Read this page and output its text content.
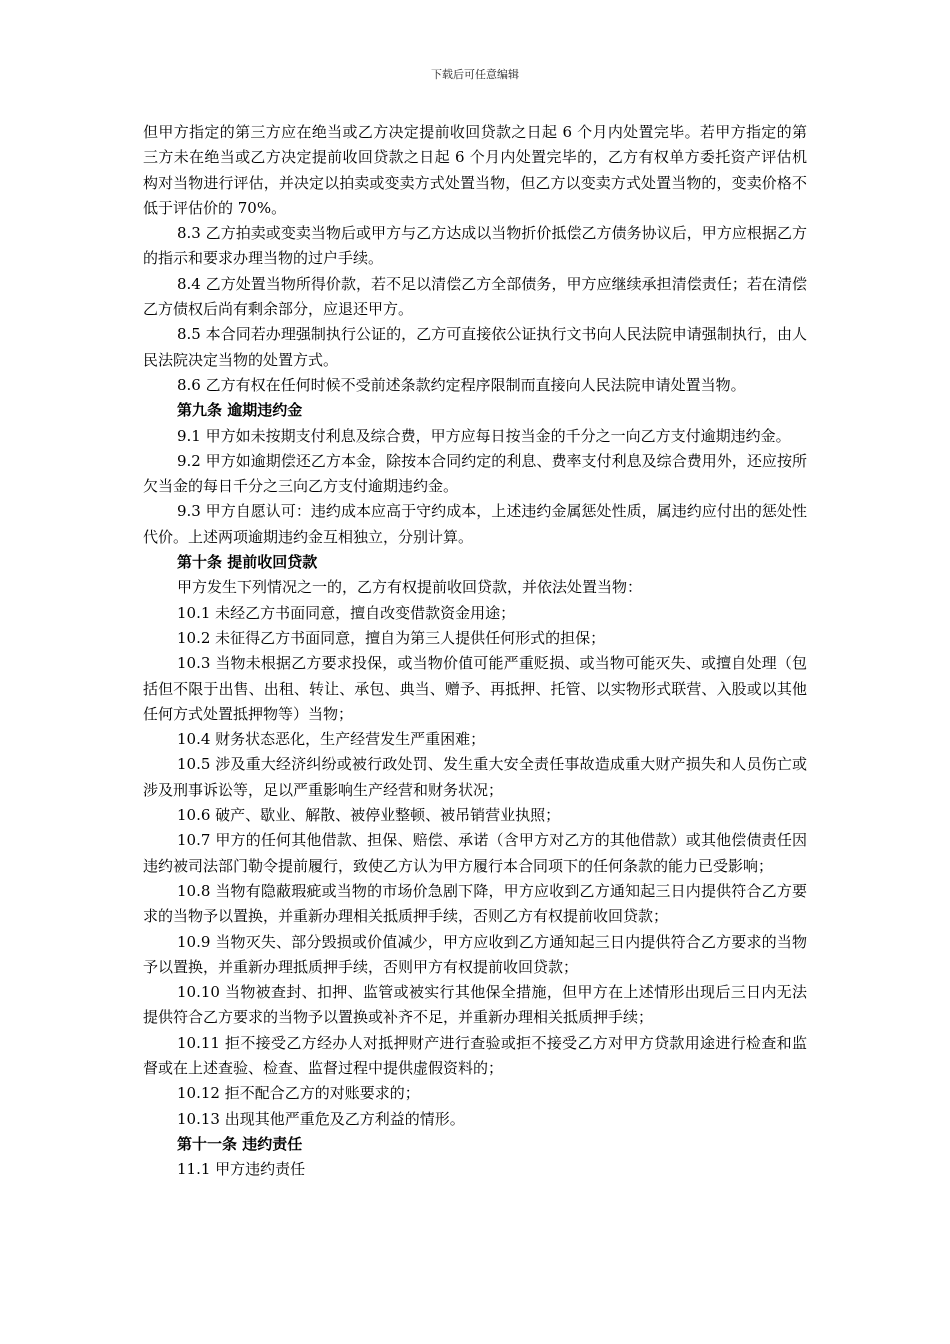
下载后可任意编辑

但甲方指定的第三方应在绝当或乙方决定提前收回贷款之日起 6 个月内处置完毕。若甲方指定的第三方未在绝当或乙方决定提前收回贷款之日起 6 个月内处置完毕的，乙方有权单方委托资产评估机构对当物进行评估，并决定以拍卖或变卖方式处置当物，但乙方以变卖方式处置当物的，变卖价格不低于评估价的 70%。

8.3 乙方拍卖或变卖当物后或甲方与乙方达成以当物折价抵偿乙方债务协议后，甲方应根据乙方的指示和要求办理当物的过户手续。

8.4 乙方处置当物所得价款，若不足以清偿乙方全部债务，甲方应继续承担清偿责任；若在清偿乙方债权后尚有剩余部分，应退还甲方。

8.5 本合同若办理强制执行公证的，乙方可直接依公证执行文书向人民法院申请强制执行，由人民法院决定当物的处置方式。

8.6 乙方有权在任何时候不受前述条款约定程序限制而直接向人民法院申请处置当物。

第九条 逾期违约金

9.1 甲方如未按期支付利息及综合费，甲方应每日按当金的千分之一向乙方支付逾期违约金。

9.2 甲方如逾期偿还乙方本金，除按本合同约定的利息、费率支付利息及综合费用外，还应按所欠当金的每日千分之三向乙方支付逾期违约金。

9.3 甲方自愿认可：违约成本应高于守约成本，上述违约金属惩处性质，属违约应付出的惩处性代价。上述两项逾期违约金互相独立，分别计算。

第十条 提前收回贷款

甲方发生下列情况之一的，乙方有权提前收回贷款，并依法处置当物：

10.1 未经乙方书面同意，擅自改变借款资金用途；

10.2 未征得乙方书面同意，擅自为第三人提供任何形式的担保；

10.3 当物未根据乙方要求投保，或当物价值可能严重贬损、或当物可能灭失、或擅自处理（包括但不限于出售、出租、转让、承包、典当、赠予、再抵押、托管、以实物形式联营、入股或以其他任何方式处置抵押物等）当物；

10.4 财务状态恶化，生产经营发生严重困难；

10.5 涉及重大经济纠纷或被行政处罚、发生重大安全责任事故造成重大财产损失和人员伤亡或涉及刑事诉讼等，足以严重影响生产经营和财务状况；

10.6 破产、歇业、解散、被停业整顿、被吊销营业执照；

10.7 甲方的任何其他借款、担保、赔偿、承诺（含甲方对乙方的其他借款）或其他偿债责任因违约被司法部门勒令提前履行，致使乙方认为甲方履行本合同项下的任何条款的能力已受影响；

10.8 当物有隐蔽瑕疵或当物的市场价急剧下降，甲方应收到乙方通知起三日内提供符合乙方要求的当物予以置换，并重新办理相关抵质押手续，否则乙方有权提前收回贷款；

10.9 当物灭失、部分毁损或价值减少，甲方应收到乙方通知起三日内提供符合乙方要求的当物予以置换，并重新办理抵质押手续，否则甲方有权提前收回贷款；

10.10 当物被查封、扣押、监管或被实行其他保全措施，但甲方在上述情形出现后三日内无法提供符合乙方要求的当物予以置换或补齐不足，并重新办理相关抵质押手续；

10.11 拒不接受乙方经办人对抵押财产进行查验或拒不接受乙方对甲方贷款用途进行检查和监督或在上述查验、检查、监督过程中提供虚假资料的；

10.12 拒不配合乙方的对账要求的；

10.13 出现其他严重危及乙方利益的情形。

第十一条 违约责任

11.1 甲方违约责任
